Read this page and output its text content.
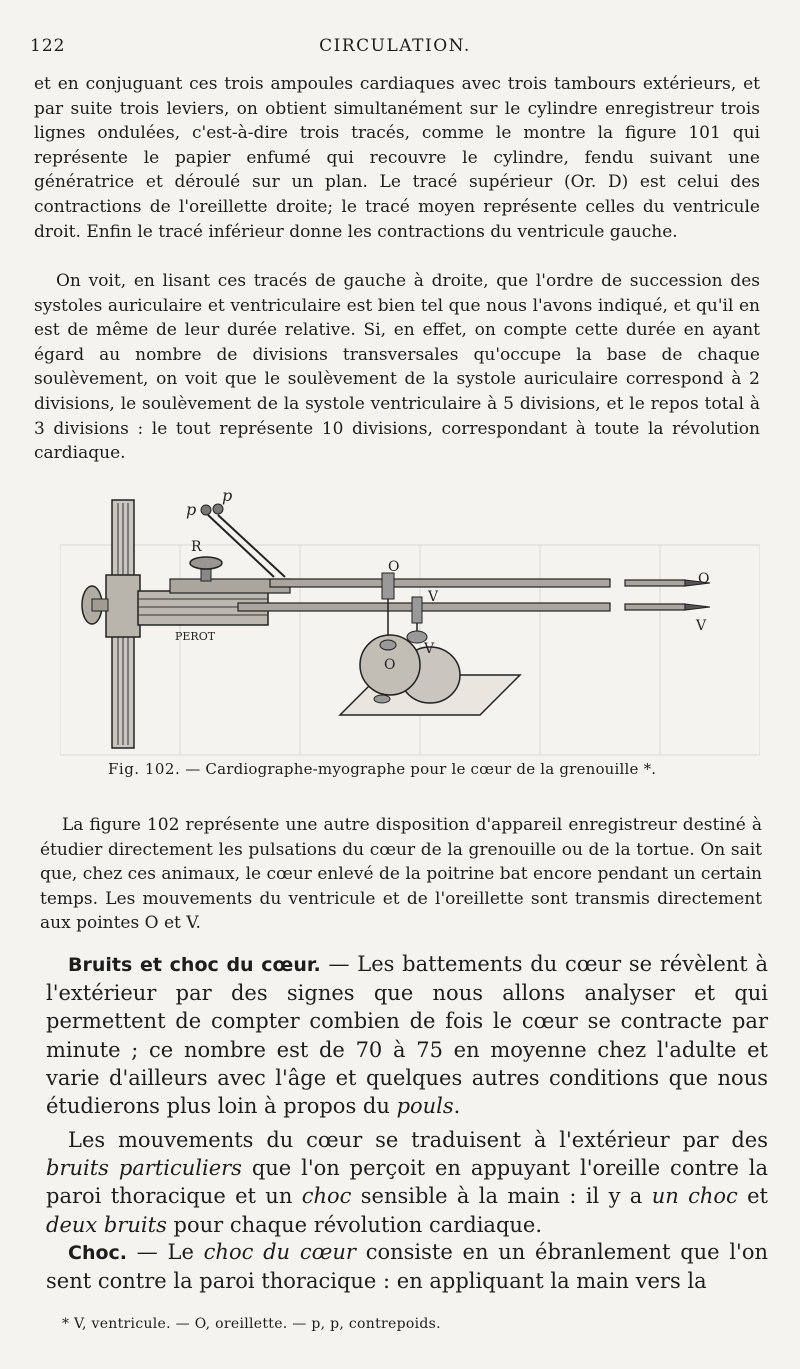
122	CIRCULATION.

et en conjuguant ces trois ampoules cardiaques avec trois tambours extérieurs, et par suite trois leviers, on obtient simultanément sur le cylindre enregistreur trois lignes ondulées, c'est-à-dire trois tracés, comme le montre la figure 101 qui représente le papier enfumé qui recouvre le cylindre, fendu suivant une génératrice et déroulé sur un plan. Le tracé supérieur (Or. D) est celui des contractions de l'oreillette droite; le tracé moyen représente celles du ventricule droit. Enfin le tracé inférieur donne les contractions du ventricule gauche.

On voit, en lisant ces tracés de gauche à droite, que l'ordre de succession des systoles auriculaire et ventriculaire est bien tel que nous l'avons indiqué, et qu'il en est de même de leur durée relative. Si, en effet, on compte cette durée en ayant égard au nombre de divisions transversales qu'occupe la base de chaque soulèvement, on voit que le soulèvement de la systole auriculaire correspond à 2 divisions, le soulèvement de la systole ventriculaire à 5 divisions, et le repos total à 3 divisions : le tout représente 10 divisions, correspondant à toute la révolution cardiaque.

R
p
p
O
V
O
V
O
V
PEROT
Fig. 102. — Cardiographe-myographe pour le cœur de la grenouille *.

La figure 102 représente une autre disposition d'appareil enregistreur destiné à étudier directement les pulsations du cœur de la grenouille ou de la tortue. On sait que, chez ces animaux, le cœur enlevé de la poitrine bat encore pendant un certain temps. Les mouvements du ventricule et de l'oreillette sont transmis directement aux pointes O et V.

Bruits et choc du cœur. — Les battements du cœur se révèlent à l'extérieur par des signes que nous allons analyser et qui permettent de compter combien de fois le cœur se contracte par minute ; ce nombre est de 70 à 75 en moyenne chez l'adulte et varie d'ailleurs avec l'âge et quelques autres conditions que nous étudierons plus loin à propos du pouls.

Les mouvements du cœur se traduisent à l'extérieur par des bruits particuliers que l'on perçoit en appuyant l'oreille contre la paroi thoracique et un choc sensible à la main : il y a un choc et deux bruits pour chaque révolution cardiaque.

Choc. — Le choc du cœur consiste en un ébranlement que l'on sent contre la paroi thoracique : en appliquant la main vers la

* V, ventricule. — O, oreillette. — p, p, contrepoids.
